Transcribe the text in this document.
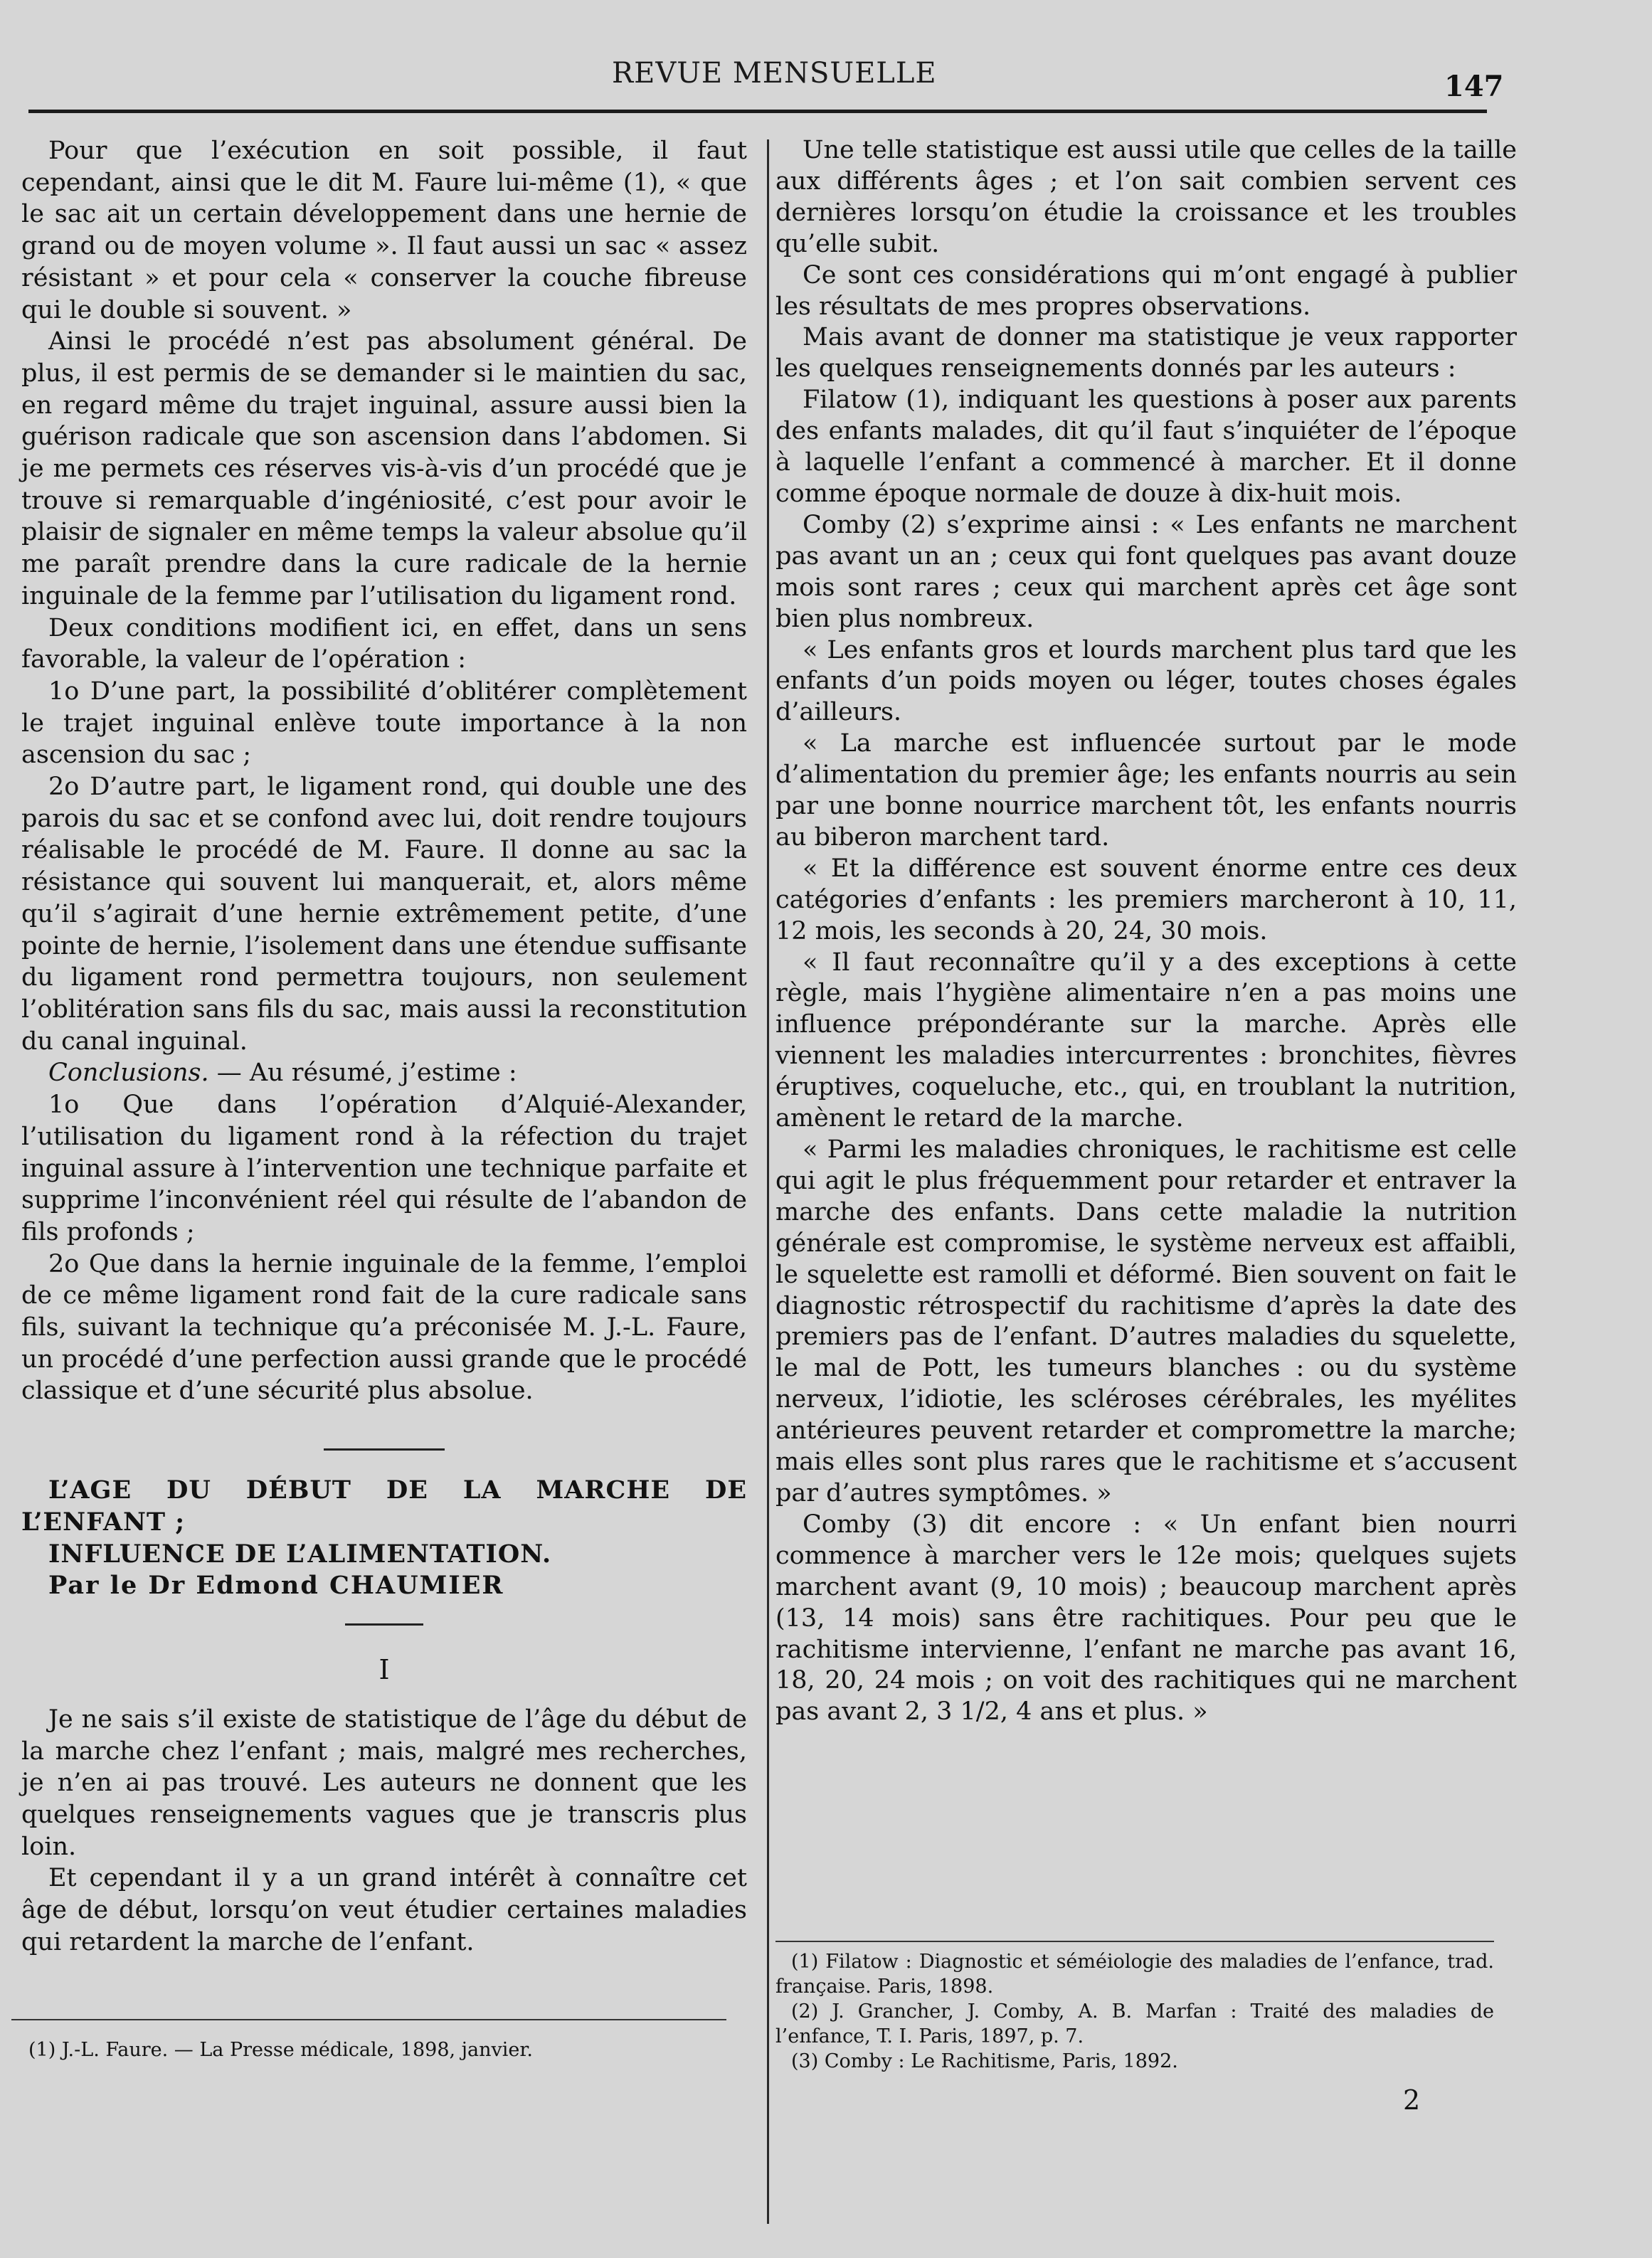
REVUE MENSUELLE	147

Pour que l’exécution en soit possible, il faut cependant, ainsi que le dit M. Faure lui-même (1), « que le sac ait un certain développement dans une hernie de grand ou de moyen volume ». Il faut aussi un sac « assez résistant » et pour cela « conserver la couche fibreuse qui le double si souvent. »

Ainsi le procédé n’est pas absolument général. De plus, il est permis de se demander si le maintien du sac, en regard même du trajet inguinal, assure aussi bien la guérison radicale que son ascension dans l’abdomen. Si je me permets ces réserves vis-à-vis d’un procédé que je trouve si remarquable d’ingéniosité, c’est pour avoir le plaisir de signaler en même temps la valeur absolue qu’il me paraît prendre dans la cure radicale de la hernie inguinale de la femme par l’utilisation du ligament rond.

Deux conditions modifient ici, en effet, dans un sens favorable, la valeur de l’opération :

1o D’une part, la possibilité d’oblitérer complètement le trajet inguinal enlève toute importance à la non ascension du sac ;

2o D’autre part, le ligament rond, qui double une des parois du sac et se confond avec lui, doit rendre toujours réalisable le procédé de M. Faure. Il donne au sac la résistance qui souvent lui manquerait, et, alors même qu’il s’agirait d’une hernie extrêmement petite, d’une pointe de hernie, l’isolement dans une étendue suffisante du ligament rond permettra toujours, non seulement l’oblitération sans fils du sac, mais aussi la reconstitution du canal inguinal.

Conclusions. — Au résumé, j’estime :

1o Que dans l’opération d’Alquié-Alexander, l’utilisation du ligament rond à la réfection du trajet inguinal assure à l’intervention une technique parfaite et supprime l’inconvénient réel qui résulte de l’abandon de fils profonds ;

2o Que dans la hernie inguinale de la femme, l’emploi de ce même ligament rond fait de la cure radicale sans fils, suivant la technique qu’a préconisée M. J.-L. Faure, un procédé d’une perfection aussi grande que le procédé classique et d’une sécurité plus absolue.

L’AGE DU DÉBUT DE LA MARCHE DE L’ENFANT ;

INFLUENCE DE L’ALIMENTATION.

Par le Dr Edmond CHAUMIER

I

Je ne sais s’il existe de statistique de l’âge du début de la marche chez l’enfant ; mais, malgré mes recherches, je n’en ai pas trouvé. Les auteurs ne donnent que les quelques renseignements vagues que je transcris plus loin.

Et cependant il y a un grand intérêt à connaître cet âge de début, lorsqu’on veut étudier certaines maladies qui retardent la marche de l’enfant.

(1) J.-L. Faure. — La Presse médicale, 1898, janvier.

Une telle statistique est aussi utile que celles de la taille aux différents âges ; et l’on sait combien servent ces dernières lorsqu’on étudie la croissance et les troubles qu’elle subit.

Ce sont ces considérations qui m’ont engagé à publier les résultats de mes propres observations.

Mais avant de donner ma statistique je veux rapporter les quelques renseignements donnés par les auteurs :

Filatow (1), indiquant les questions à poser aux parents des enfants malades, dit qu’il faut s’inquiéter de l’époque à laquelle l’enfant a commencé à marcher. Et il donne comme époque normale de douze à dix-huit mois.

Comby (2) s’exprime ainsi : « Les enfants ne marchent pas avant un an ; ceux qui font quelques pas avant douze mois sont rares ; ceux qui marchent après cet âge sont bien plus nombreux.

« Les enfants gros et lourds marchent plus tard que les enfants d’un poids moyen ou léger, toutes choses égales d’ailleurs.

« La marche est influencée surtout par le mode d’alimentation du premier âge; les enfants nourris au sein par une bonne nourrice marchent tôt, les enfants nourris au biberon marchent tard.

« Et la différence est souvent énorme entre ces deux catégories d’enfants : les premiers marcheront à 10, 11, 12 mois, les seconds à 20, 24, 30 mois.

« Il faut reconnaître qu’il y a des exceptions à cette règle, mais l’hygiène alimentaire n’en a pas moins une influence prépondérante sur la marche. Après elle viennent les maladies intercurrentes : bronchites, fièvres éruptives, coqueluche, etc., qui, en troublant la nutrition, amènent le retard de la marche.

« Parmi les maladies chroniques, le rachitisme est celle qui agit le plus fréquemment pour retarder et entraver la marche des enfants. Dans cette maladie la nutrition générale est compromise, le système nerveux est affaibli, le squelette est ramolli et déformé. Bien souvent on fait le diagnostic rétrospectif du rachitisme d’après la date des premiers pas de l’enfant. D’autres maladies du squelette, le mal de Pott, les tumeurs blanches : ou du système nerveux, l’idiotie, les scléroses cérébrales, les myélites antérieures peuvent retarder et compromettre la marche; mais elles sont plus rares que le rachitisme et s’accusent par d’autres symptômes. »

Comby (3) dit encore : « Un enfant bien nourri commence à marcher vers le 12e mois; quelques sujets marchent avant (9, 10 mois) ; beaucoup marchent après (13, 14 mois) sans être rachitiques. Pour peu que le rachitisme intervienne, l’enfant ne marche pas avant 16, 18, 20, 24 mois ; on voit des rachitiques qui ne marchent pas avant 2, 3 1/2, 4 ans et plus. »

(1) Filatow : Diagnostic et séméiologie des maladies de l’enfance, trad. française. Paris, 1898.

(2) J. Grancher, J. Comby, A. B. Marfan : Traité des maladies de l’enfance, T. I. Paris, 1897, p. 7.

(3) Comby : Le Rachitisme, Paris, 1892.

2
